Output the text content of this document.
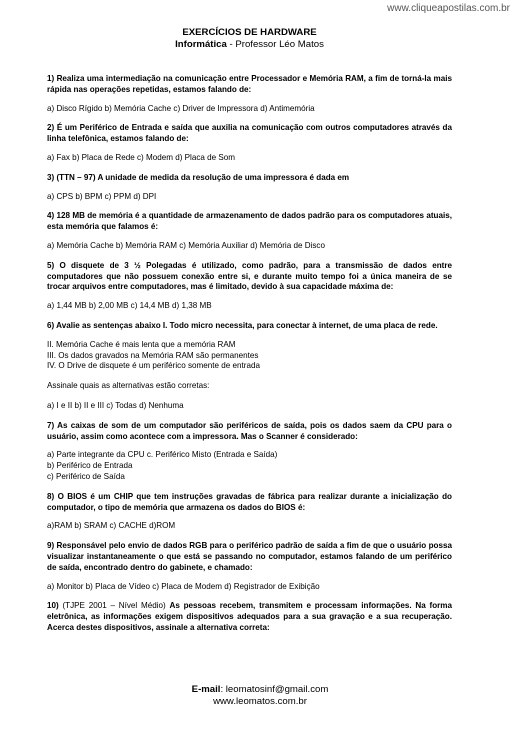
www.cliqueapostilas.com.br
EXERCÍCIOS DE HARDWARE
Informática - Professor Léo Matos
1) Realiza uma intermediação na comunicação entre Processador e Memória RAM, a fim de torná-la mais rápida nas operações repetidas, estamos falando de:
a) Disco Rígido b) Memória Cache c) Driver de Impressora d) Antimemória
2) É um Periférico de Entrada e saída que auxilia na comunicação com outros computadores através da linha telefônica, estamos falando de:
a) Fax b) Placa de Rede c) Modem d) Placa de Som
3) (TTN – 97) A unidade de medida da resolução de uma impressora é dada em
a) CPS b) BPM c) PPM d) DPI
4) 128 MB de memória é a quantidade de armazenamento de dados padrão para os computadores atuais, esta memória que falamos é:
a) Memória Cache b) Memória RAM c) Memória Auxiliar d) Memória de Disco
5) O disquete de 3 ½ Polegadas é utilizado, como padrão, para a transmissão de dados entre computadores que não possuem conexão entre si, e durante muito tempo foi a única maneira de se trocar arquivos entre computadores, mas é limitado, devido à sua capacidade máxima de:
a) 1,44 MB b) 2,00 MB c) 14,4 MB d) 1,38 MB
6) Avalie as sentenças abaixo I. Todo micro necessita, para conectar à internet, de uma placa de rede.
II. Memória Cache é mais lenta que a memória RAM
III. Os dados gravados na Memória RAM são permanentes
IV. O Drive de disquete é um periférico somente de entrada
Assinale quais as alternativas estão corretas:
a) I e II b) II e III c) Todas d) Nenhuma
7) As caixas de som de um computador são periféricos de saída, pois os dados saem da CPU para o usuário, assim como acontece com a impressora. Mas o Scanner é considerado:
a) Parte integrante da CPU c. Periférico Misto (Entrada e Saída)
b) Periférico de Entrada
c) Periférico de Saída
8) O BIOS é um CHIP que tem instruções gravadas de fábrica para realizar durante a inicialização do computador, o tipo de memória que armazena os dados do BIOS é:
a)RAM b) SRAM c) CACHE d)ROM
9) Responsável pelo envio de dados RGB para o periférico padrão de saída a fim de que o usuário possa visualizar instantaneamente o que está se passando no computador, estamos falando de um periférico de saída, encontrado dentro do gabinete, e chamado:
a) Monitor b) Placa de Vídeo c) Placa de Modem d) Registrador de Exibição
10) (TJPE 2001 – Nível Médio) As pessoas recebem, transmitem e processam informações. Na forma eletrônica, as informações exigem dispositivos adequados para a sua gravação e a sua recuperação. Acerca destes dispositivos, assinale a alternativa correta:
E-mail: leomatosinf@gmail.com
www.leomatos.com.br
